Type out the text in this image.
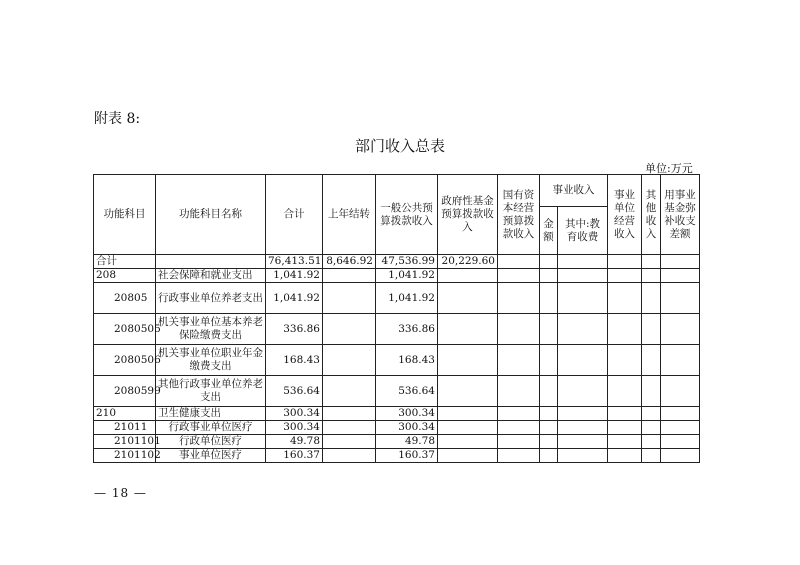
附表 8:
部门收入总表
单位:万元
功能科目	功能科目名称	合计	上年结转	一般公共预算拨款收入	政府性基金预算拨款收入	国有资本经营预算拨款收入	事业收入		事业单位经营收入	其他收入	用事业基金弥补收支差额
							金额	其中:教育收费			
合计		76,413.51	8,646.92	47,536.99	20,229.60						
208	社会保障和就业支出	1,041.92		1,041.92							
20805	行政事业单位养老支出	1,041.92		1,041.92							
2080505	机关事业单位基本养老保险缴费支出	336.86		336.86							
2080506	机关事业单位职业年金缴费支出	168.43		168.43							
2080599	其他行政事业单位养老支出	536.64		536.64							
210	卫生健康支出	300.34		300.34							
21011	行政事业单位医疗	300.34		300.34							
2101101	行政单位医疗	49.78		49.78							
2101102	事业单位医疗	160.37		160.37							
— 18 —
